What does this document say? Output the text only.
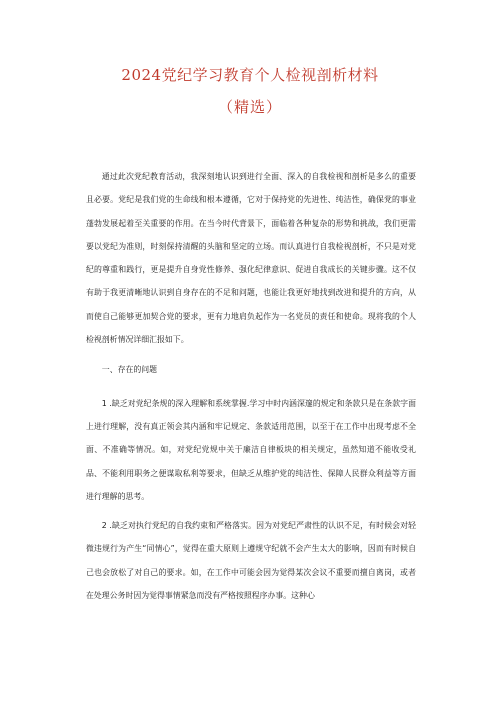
2024党纪学习教育个人检视剖析材料
（精选）

通过此次党纪教育活动，我深刻地认识到进行全面、深入的自我检视和剖析是多么的重要且必要。党纪是我们党的生命线和根本遵循，它对于保持党的先进性、纯洁性，确保党的事业蓬勃发展起着至关重要的作用。在当今时代背景下，面临着各种复杂的形势和挑战，我们更需要以党纪为准则，时刻保持清醒的头脑和坚定的立场。而认真进行自我检视剖析，不只是对党纪的尊重和践行，更是提升自身党性修养、强化纪律意识、促进自我成长的关键步骤。这不仅有助于我更清晰地认识到自身存在的不足和问题，也能让我更好地找到改进和提升的方向，从而使自己能够更加契合党的要求，更有力地肩负起作为一名党员的责任和使命。现将我的个人检视剖析情况详细汇报如下。

一、存在的问题

1 .缺乏对党纪条规的深入理解和系统掌握.学习中时内涵深邃的规定和条款只是在条款字面上进行理解，没有真正领会其内涵和牢记规定、条款适用范围，以至于在工作中出现考虑不全面、不准确等情况。如，对党纪党规中关于廉洁自律板块的相关规定，虽然知道不能收受礼品、不能利用职务之便谋取私利等要求，但缺乏从维护党的纯洁性、保障人民群众利益等方面进行理解的思考。

2 .缺乏对执行党纪的自我约束和严格落实。因为对党纪严肃性的认识不足，有时候会对轻微违规行为产生“同情心”，觉得在重大原则上遵规守纪就不会产生太大的影响，因而有时候自己也会放松了对自己的要求。如，在工作中可能会因为觉得某次会议不重要而擅自离岗，或者在处理公务时因为觉得事情紧急而没有严格按照程序办事。这种心
